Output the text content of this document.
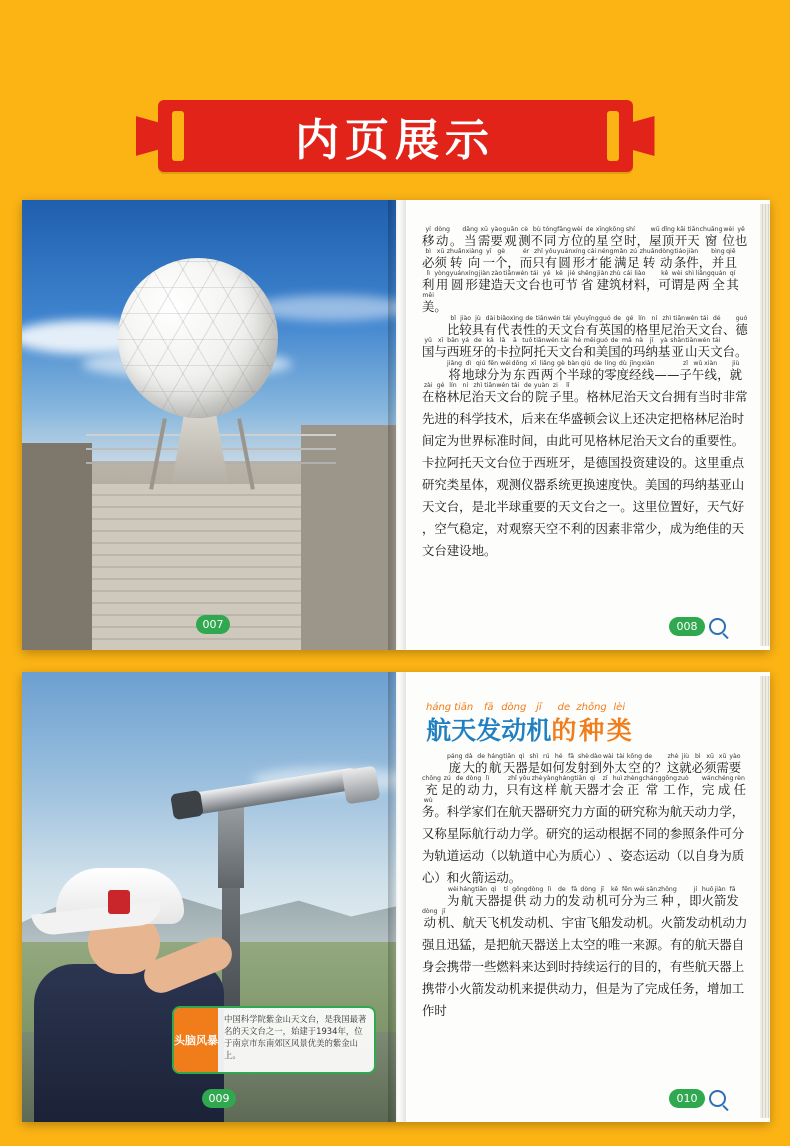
内页展示
007
yí
移
dòng
动 。
dāng
当
xū
需
yào
要
guān
观
cè
测
bù
不
tóng
同
fāng
方
wèi
位
de
的
xīng
星
kōng
空
shí
时 ，
wū
屋
dǐng
顶
kāi
开
tiān
天
chuāng
窗
wèi
位
yě
也
bì
必
xū
须
zhuǎn
转
xiàng
向
yī
一
gè
个 ，
ér
而
zhǐ
只
yǒu
有
yuán
圆
xíng
形
cái
才
néng
能
mǎn
满
zú
足
zhuǎn
转
dòng
动
tiáo
条
jiàn
件 ，
bìng
并
qiě
且
lì
利
yòng
用
yuán
圆
xíng
形
jiàn
建
zào
造
tiān
天
wén
文
tái
台
yě
也
kě
可
jié
节
shěng
省
jiàn
建
zhù
筑
cái
材
liào
料 ，
kě
可
wèi
谓
shì
是
liǎng
两
quán
全
qí
其
měi
美 。
bǐ
比
jiào
较
jù
具
dài
有
biǎo
代
xìng
表
de
性
tiān
的
wén
天
tái
文
yǒu
台
yīng
有
guó
英
de
国
gé
的
lín
格
ní
里
zhì
尼
tiān
治
wén
天
tái
文
dé
台 、
guó
德
yǔ
国
xī
与
bān
西
yá
班
de
牙
kǎ
的
lā
卡
ā
拉
tuō
阿
tiān
托
wén
天
tái
文
hé
台
měi
和
guó
美
de
国
mǎ
的
nà
玛
jī
纳
yà
基
shān
亚
tiān
山
wén
天
tái
文 台 。
jiāng
将
dì
地
qiú
球
fēn
分
wéi
为
dōng
东
xī
西
liǎng
两
gè
个
bàn
半
qiú
球
de
的
líng
零
dù
度
jīng
经
xiàn
线 — —
zǐ
子
wǔ
午
xiàn
线 ，
jiù
就
zài
在
gé
格
lín
林
ní
尼
zhì
治
tiān
天
wén
文
tái
台
de
的
yuàn
院
zi
子
lǐ
里 。 格 林 尼 治 天 文 台 拥 有 当 时 非 常
先 进 的 科 学 技 术 ， 后 来 在 华 盛 顿 会 议 上 还 决 定 把 格 林 尼 治 时
间 定 为 世 界 标 准 时 间 ， 由 此 可 见 格 林 尼 治 天 文 台 的 重 要 性 。
卡 拉 阿 托 天 文 台 位 于 西 班 牙 ， 是 德 国 投 资 建 设 的 。 这 里 重 点
研 究 类 星 体 ， 观 测 仪 器 系 统 更 换 速 度 快 。 美 国 的 玛 纳 基 亚 山
天 文 台 ， 是 北 半 球 重 要 的 天 文 台 之 一 。 这 里 位 置 好 ， 天 气 好
， 空 气 稳 定 ， 对 观 察 天 空 不 利 的 因 素 非 常 少 ， 成 为 绝 佳 的 天
文 台 建 设 地 。
008
头脑风暴
中国科学院紫金山天文台，是我国最著名的天文台之一，始建于1934年，位于南京市东南郊区风景优美的紫金山上。
009
háng
航
tiān
天
fā
发
dòng
动
jī
机
de
的
zhǒng
种
lèi
类
páng
庞
dà
大
de
的
háng
航
tiān
天
qì
器
shì
是
rú
如
hé
何
fā
发
shè
射
dào
到
wài
外
tài
太
kōng
空
de
的 ？
zhè
这
jiù
就
bì
必
xū
须
xū
需
yào
要
chōng
充
zú
足
de
的
dòng
动
lì
力 ，
zhǐ
只
yǒu
有
zhè
这
yàng
样
háng
航
tiān
天
qì
器
zǐ
才
huì
会
zhèng
正
cháng
常
gōng
工
zuò
作 ，
wán
完
chéng
成
rèn
任
wù
务 。 科 学 家 们 在 航 天 器 研 究 力 方 面 的 研 究 称 为 航 天 动 力 学 ，
又 称 星 际 航 行 动 力 学 。 研 究 的 运 动 根 据 不 同 的 参 照 条 件 可 分
为 轨 道 运 动 （ 以 轨 道 中 心 为 质 心 ） 、 姿 态 运 动 （ 以 自 身 为 质
心 ） 和 火 箭 运 动 。
wèi
为
háng
航
tiān
天
qì
器
tí
提
gōng
供
dòng
动
lì
力
de
的
fā
发
dòng
动
jī
机
kě
可
fēn
分
wéi
为
sān
三
zhǒng
种 ，
jí
即
huǒ
火
jiàn
箭
fā
发
dòng
动
jī
机 、 航 天 飞 机 发 动 机 、 宇 宙 飞 船 发 动 机 。 火 箭 发 动 机 动 力
强 且 迅 猛 ， 是 把 航 天 器 送 上 太 空 的 唯 一 来 源 。 有 的 航 天 器 自
身 会 携 带 一 些 燃 料 来 达 到 时 持 续 运 行 的 目 的 ， 有 些 航 天 器 上
携 带 小 火 箭 发 动 机 来 提 供 动 力 ， 但 是 为 了 完 成 任 务 ， 增 加 工
作 时
010
